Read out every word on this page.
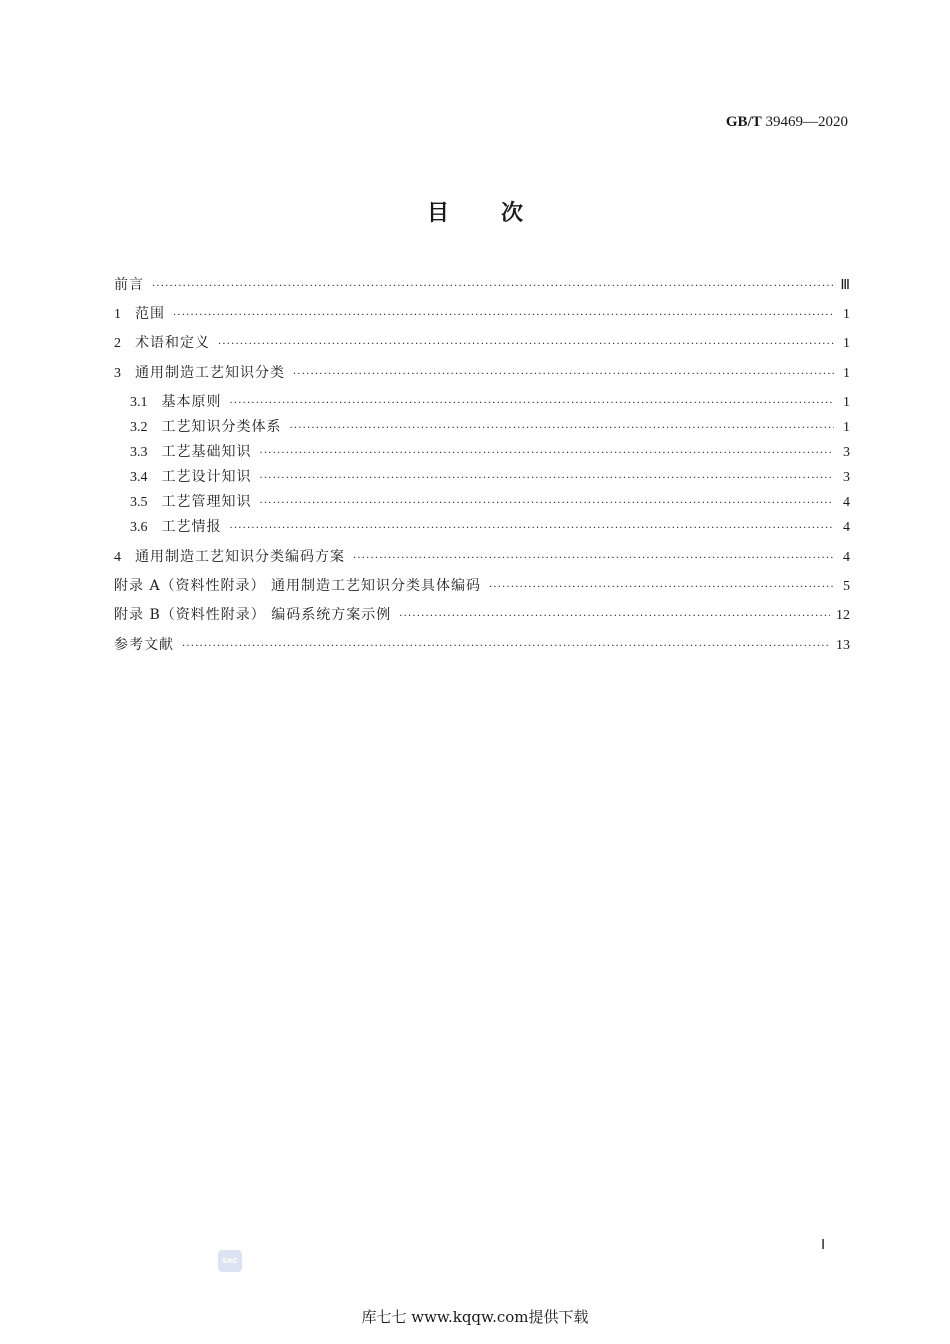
GB/T 39469—2020
目 次
前言 ·····	Ⅲ
1 范围 ·····	1
2 术语和定义 ·····	1
3 通用制造工艺知识分类 ·····	1
3.1 基本原则 ·····	1
3.2 工艺知识分类体系 ·····	1
3.3 工艺基础知识 ·····	3
3.4 工艺设计知识 ·····	3
3.5 工艺管理知识 ·····	4
3.6 工艺情报 ·····	4
4 通用制造工艺知识分类编码方案 ·····	4
附录 A（资料性附录） 通用制造工艺知识分类具体编码 ·····	5
附录 B（资料性附录） 编码系统方案示例 ·····	12
参考文献 ·····	13
Ⅰ
SAC
库七七 www.kqqw.com提供下载
